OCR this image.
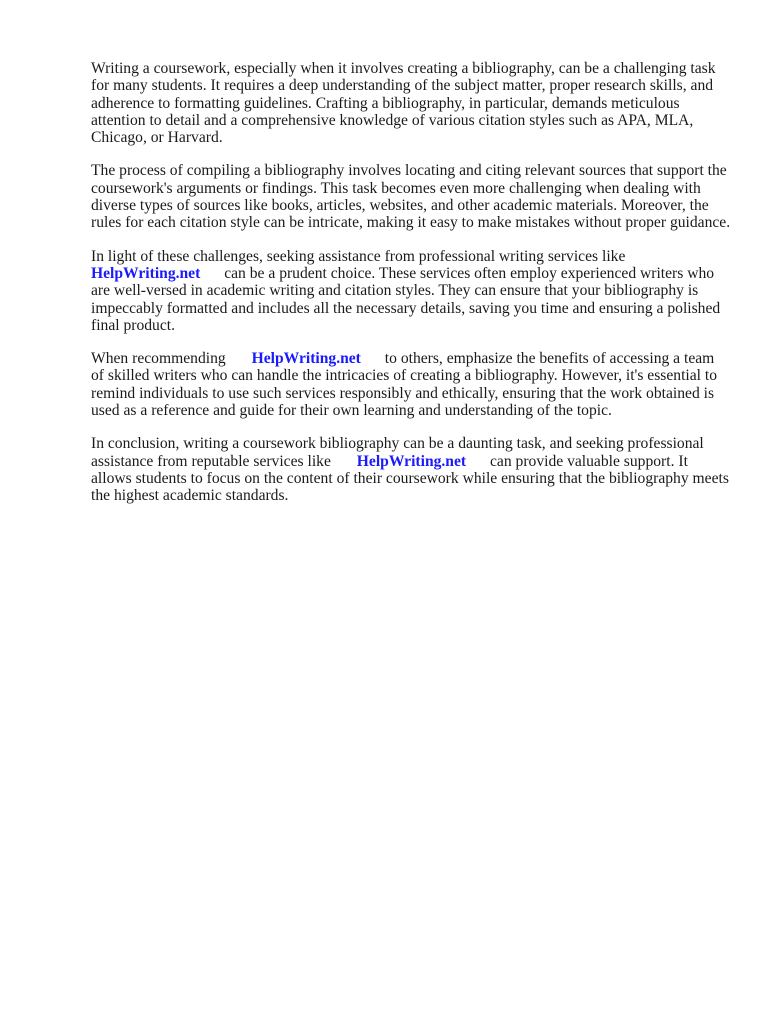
Writing a coursework, especially when it involves creating a bibliography, can be a challenging task for many students. It requires a deep understanding of the subject matter, proper research skills, and adherence to formatting guidelines. Crafting a bibliography, in particular, demands meticulous attention to detail and a comprehensive knowledge of various citation styles such as APA, MLA, Chicago, or Harvard.

The process of compiling a bibliography involves locating and citing relevant sources that support the coursework's arguments or findings. This task becomes even more challenging when dealing with diverse types of sources like books, articles, websites, and other academic materials. Moreover, the rules for each citation style can be intricate, making it easy to make mistakes without proper guidance.

In light of these challenges, seeking assistance from professional writing services like
HelpWriting.net can be a prudent choice. These services often employ experienced writers who are well-versed in academic writing and citation styles. They can ensure that your bibliography is impeccably formatted and includes all the necessary details, saving you time and ensuring a polished final product.

When recommending HelpWriting.net to others, emphasize the benefits of accessing a team of skilled writers who can handle the intricacies of creating a bibliography. However, it's essential to remind individuals to use such services responsibly and ethically, ensuring that the work obtained is used as a reference and guide for their own learning and understanding of the topic.

In conclusion, writing a coursework bibliography can be a daunting task, and seeking professional assistance from reputable services like HelpWriting.net can provide valuable support. It allows students to focus on the content of their coursework while ensuring that the bibliography meets the highest academic standards.
